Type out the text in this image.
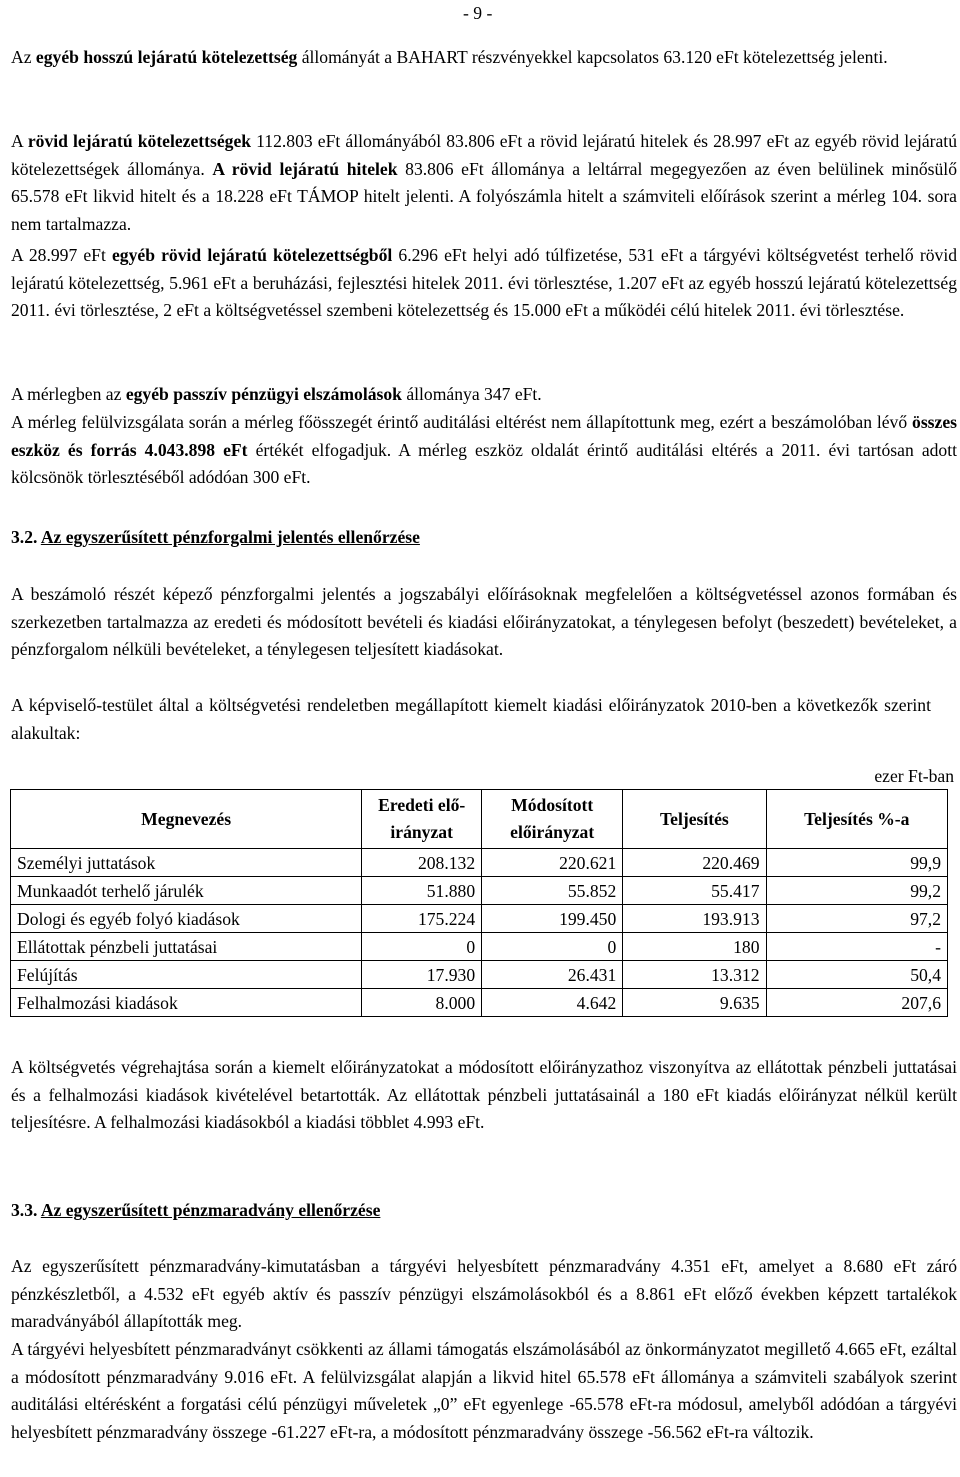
- 9 -

Az egyéb hosszú lejáratú kötelezettség állományát a BAHART részvényekkel kapcsolatos 63.120 eFt kötelezettség jelenti.

A rövid lejáratú kötelezettségek 112.803 eFt állományából 83.806 eFt a rövid lejáratú hitelek és 28.997 eFt az egyéb rövid lejáratú kötelezettségek állománya. A rövid lejáratú hitelek 83.806 eFt állománya a leltárral megegyezően az éven belülinek minősülő 65.578 eFt likvid hitelt és a 18.228 eFt TÁMOP hitelt jelenti. A folyószámla hitelt a számviteli előírások szerint a mérleg 104. sora nem tartalmazza.

A 28.997 eFt egyéb rövid lejáratú kötelezettségből 6.296 eFt helyi adó túlfizetése, 531 eFt a tárgyévi költségvetést terhelő rövid lejáratú kötelezettség, 5.961 eFt a beruházási, fejlesztési hitelek 2011. évi törlesztése, 1.207 eFt az egyéb hosszú lejáratú kötelezettség 2011. évi törlesztése, 2 eFt a költségvetéssel szembeni kötelezettség és 15.000 eFt a működéi célú hitelek 2011. évi törlesztése.

A mérlegben az egyéb passzív pénzügyi elszámolások állománya 347 eFt.

A mérleg felülvizsgálata során a mérleg főösszegét érintő auditálási eltérést nem állapítottunk meg, ezért a beszámolóban lévő összes eszköz és forrás 4.043.898 eFt értékét elfogadjuk. A mérleg eszköz oldalát érintő auditálási eltérés a 2011. évi tartósan adott kölcsönök törlesztéséből adódóan 300 eFt.

3.2. Az egyszerűsített pénzforgalmi jelentés ellenőrzése

A beszámoló részét képező pénzforgalmi jelentés a jogszabályi előírásoknak megfelelően a költségvetéssel azonos formában és szerkezetben tartalmazza az eredeti és módosított bevételi és kiadási előirányzatokat, a ténylegesen befolyt (beszedett) bevételeket, a pénzforgalom nélküli bevételeket, a ténylegesen teljesített kiadásokat.

A képviselő-testület által a költségvetési rendeletben megállapított kiemelt kiadási előirányzatok 2010-ben a következők szerint alakultak:

ezer Ft-ban
Megnevezés	Eredeti elő-irányzat	Módosított előirányzat	Teljesítés	Teljesítés %-a
Személyi juttatások	208.132	220.621	220.469	99,9
Munkaadót terhelő járulék	51.880	55.852	55.417	99,2
Dologi és egyéb folyó kiadások	175.224	199.450	193.913	97,2
Ellátottak pénzbeli juttatásai	0	0	180	-
Felújítás	17.930	26.431	13.312	50,4
Felhalmozási kiadások	8.000	4.642	9.635	207,6

A költségvetés végrehajtása során a kiemelt előirányzatokat a módosított előirányzathoz viszonyítva az ellátottak pénzbeli juttatásai és a felhalmozási kiadások kivételével betartották. Az ellátottak pénzbeli juttatásainál a 180 eFt kiadás előirányzat nélkül került teljesítésre. A felhalmozási kiadásokból a kiadási többlet 4.993 eFt.

3.3. Az egyszerűsített pénzmaradvány ellenőrzése

Az egyszerűsített pénzmaradvány-kimutatásban a tárgyévi helyesbített pénzmaradvány 4.351 eFt, amelyet a 8.680 eFt záró pénzkészletből, a 4.532 eFt egyéb aktív és passzív pénzügyi elszámolásokból és a 8.861 eFt előző években képzett tartalékok maradványából állapították meg.

A tárgyévi helyesbített pénzmaradványt csökkenti az állami támogatás elszámolásából az önkormányzatot megillető 4.665 eFt, ezáltal a módosított pénzmaradvány 9.016 eFt. A felülvizsgálat alapján a likvid hitel 65.578 eFt állománya a számviteli szabályok szerint auditálási eltérésként a forgatási célú pénzügyi műveletek „0” eFt egyenlege -65.578 eFt-ra módosul, amelyből adódóan a tárgyévi helyesbített pénzmaradvány összege -61.227 eFt-ra, a módosított pénzmaradvány összege -56.562 eFt-ra változik.
